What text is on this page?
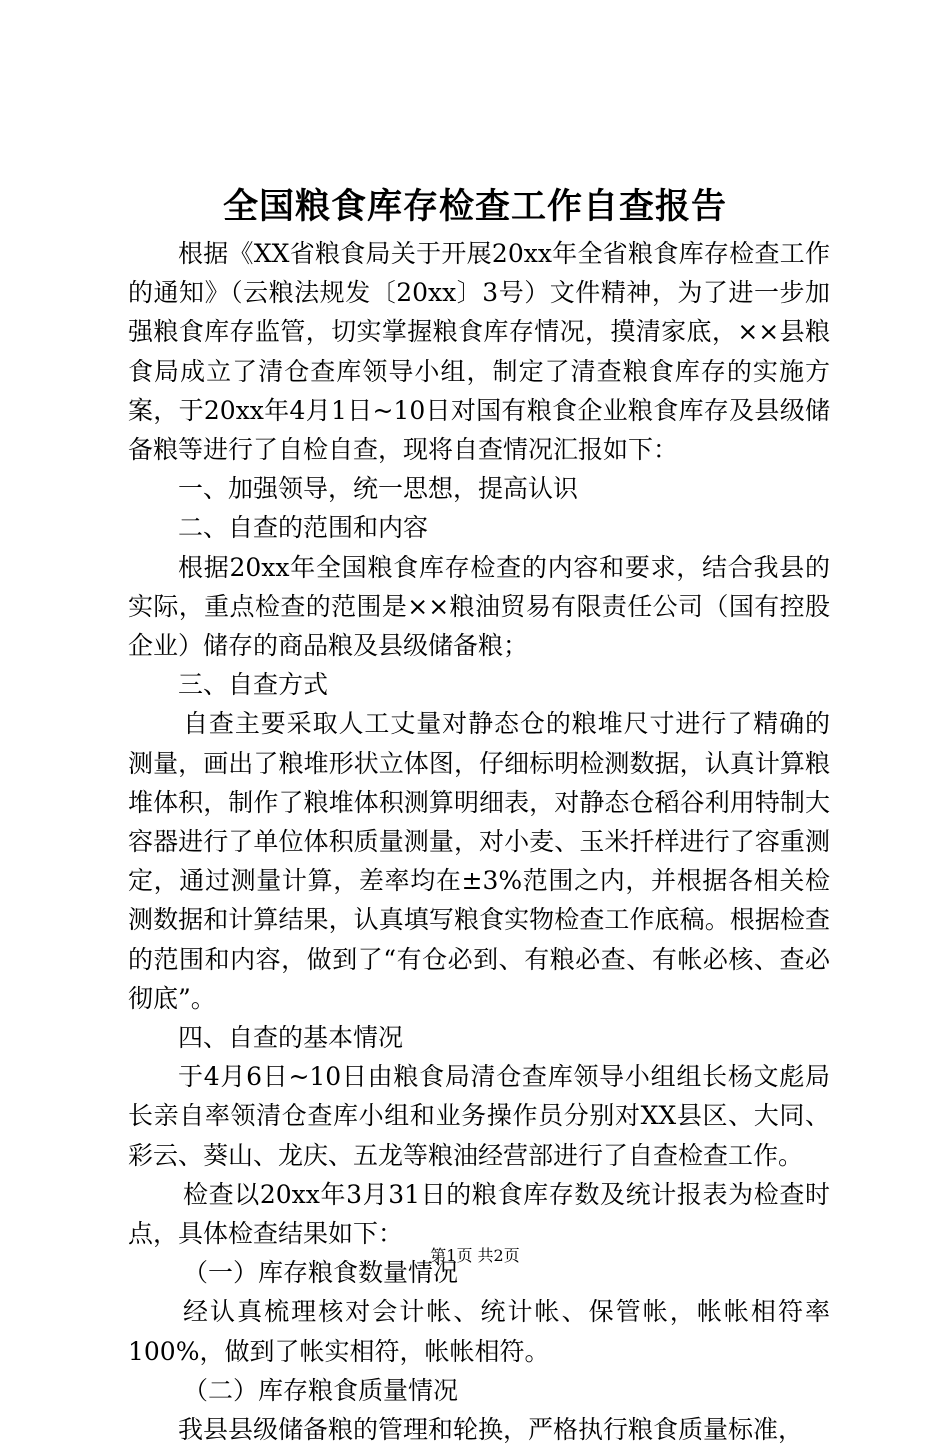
全国粮食库存检查工作自查报告

根据《XX省粮食局关于开展20xx年全省粮食库存检查工作的通知》（云粮法规发〔20xx〕3号）文件精神，为了进一步加强粮食库存监管，切实掌握粮食库存情况，摸清家底，××县粮食局成立了清仓查库领导小组，制定了清查粮食库存的实施方案，于20xx年4月1日~10日对国有粮食企业粮食库存及县级储备粮等进行了自检自查，现将自查情况汇报如下：

一、加强领导，统一思想，提高认识

二、自查的范围和内容

根据20xx年全国粮食库存检查的内容和要求，结合我县的实际，重点检查的范围是××粮油贸易有限责任公司（国有控股企业）储存的商品粮及县级储备粮；

三、自查方式

自查主要采取人工丈量对静态仓的粮堆尺寸进行了精确的测量，画出了粮堆形状立体图，仔细标明检测数据，认真计算粮堆体积，制作了粮堆体积测算明细表，对静态仓稻谷利用特制大容器进行了单位体积质量测量，对小麦、玉米扦样进行了容重测定，通过测量计算，差率均在±3%范围之内，并根据各相关检测数据和计算结果，认真填写粮食实物检查工作底稿。根据检查的范围和内容，做到了“有仓必到、有粮必查、有帐必核、查必彻底”。

四、自查的基本情况

于4月6日~10日由粮食局清仓查库领导小组组长杨文彪局长亲自率领清仓查库小组和业务操作员分别对XX县区、大同、彩云、葵山、龙庆、五龙等粮油经营部进行了自查检查工作。

检查以20xx年3月31日的粮食库存数及统计报表为检查时点，具体检查结果如下：

（一）库存粮食数量情况

经认真梳理核对会计帐、统计帐、保管帐，帐帐相符率100%，做到了帐实相符，帐帐相符。

（二）库存粮食质量情况

我县县级储备粮的管理和轮换，严格执行粮食质量标准，

第1页 共2页
